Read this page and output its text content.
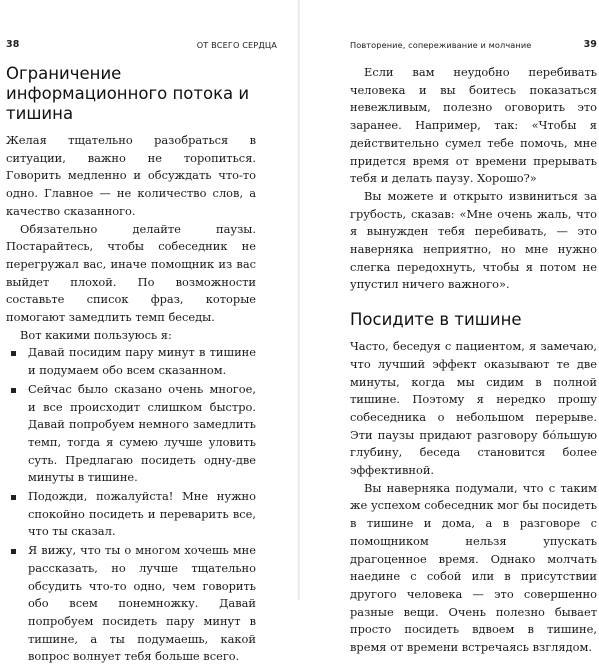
38	ОТ ВСЕГО СЕРДЦА
Ограничение информационного потока и тишина

Желая тщательно разобраться в ситуации, важно не торопиться. Говорить медленно и обсуждать что-то одно. Главное — не количество слов, а качество сказанного.

Обязательно делайте паузы. Постарайтесь, чтобы собеседник не перегружал вас, иначе помощник из вас выйдет плохой. По возможности составьте список фраз, которые помогают замедлить темп беседы.

Вот какими пользуюсь я:

Давай посидим пару минут в тишине и подумаем обо всем сказанном.
Сейчас было сказано очень многое, и все происходит слишком быстро. Давай попробуем немного замедлить темп, тогда я сумею лучше уловить суть. Предлагаю посидеть одну-две минуты в тишине.
Подожди, пожалуйста! Мне нужно спокойно посидеть и переварить все, что ты сказал.
Я вижу, что ты о многом хочешь мне рассказать, но лучше тщательно обсудить что-то одно, чем говорить обо всем понемножку. Давай попробуем посидеть пару минут в тишине, а ты подумаешь, какой вопрос волнует тебя больше всего.
Повторение, сопереживание и молчание	39

Если вам неудобно перебивать человека и вы боитесь показаться невежливым, полезно оговорить это заранее. Например, так: «Чтобы я действительно сумел тебе помочь, мне придется время от времени прерывать тебя и делать паузу. Хорошо?»

Вы можете и открыто извиниться за грубость, сказав: «Мне очень жаль, что я вынужден тебя перебивать, — это наверняка неприятно, но мне нужно слегка передохнуть, чтобы я потом не упустил ничего важного».

Посидите в тишине

Часто, беседуя с пациентом, я замечаю, что лучший эффект оказывают те две минуты, когда мы сидим в полной тишине. Поэтому я нередко прошу собеседника о небольшом перерыве. Эти паузы придают разговору бо́льшую глубину, беседа становится более эффективной.

Вы наверняка подумали, что с таким же успехом собеседник мог бы посидеть в тишине и дома, а в разговоре с помощником нельзя упускать драгоценное время. Однако молчать наедине с собой или в присутствии другого человека — это совершенно разные вещи. Очень полезно бывает просто посидеть вдвоем в тишине, время от времени встречаясь взглядом.
